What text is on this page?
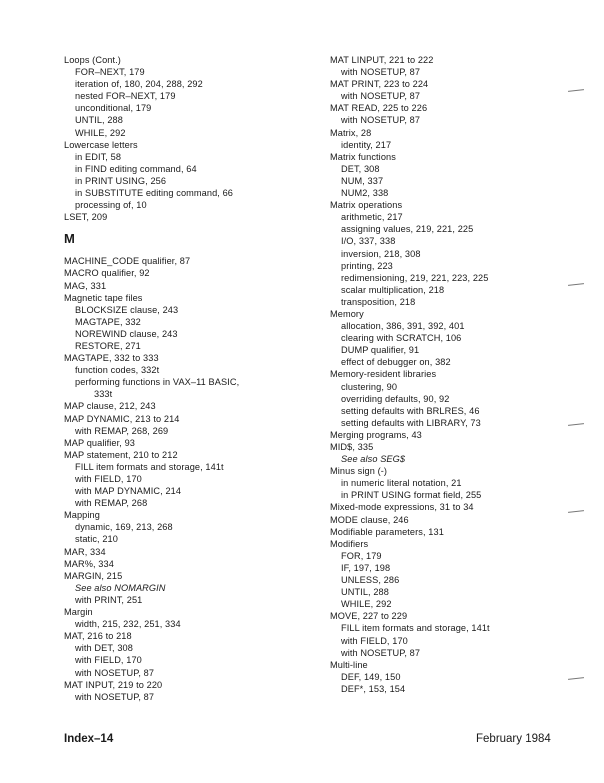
Loops (Cont.)
FOR–NEXT, 179
iteration of, 180, 204, 288, 292
nested FOR–NEXT, 179
unconditional, 179
UNTIL, 288
WHILE, 292
Lowercase letters
in EDIT, 58
in FIND editing command, 64
in PRINT USING, 256
in SUBSTITUTE editing command, 66
processing of, 10
LSET, 209
M
MACHINE_CODE qualifier, 87
MACRO qualifier, 92
MAG, 331
Magnetic tape files
BLOCKSIZE clause, 243
MAGTAPE, 332
NOREWIND clause, 243
RESTORE, 271
MAGTAPE, 332 to 333
function codes, 332t
performing functions in VAX–11 BASIC,
333t
MAP clause, 212, 243
MAP DYNAMIC, 213 to 214
with REMAP, 268, 269
MAP qualifier, 93
MAP statement, 210 to 212
FILL item formats and storage, 141t
with FIELD, 170
with MAP DYNAMIC, 214
with REMAP, 268
Mapping
dynamic, 169, 213, 268
static, 210
MAR, 334
MAR%, 334
MARGIN, 215
See also NOMARGIN
with PRINT, 251
Margin
width, 215, 232, 251, 334
MAT, 216 to 218
with DET, 308
with FIELD, 170
with NOSETUP, 87
MAT INPUT, 219 to 220
with NOSETUP, 87
MAT LINPUT, 221 to 222
with NOSETUP, 87
MAT PRINT, 223 to 224
with NOSETUP, 87
MAT READ, 225 to 226
with NOSETUP, 87
Matrix, 28
identity, 217
Matrix functions
DET, 308
NUM, 337
NUM2, 338
Matrix operations
arithmetic, 217
assigning values, 219, 221, 225
I/O, 337, 338
inversion, 218, 308
printing, 223
redimensioning, 219, 221, 223, 225
scalar multiplication, 218
transposition, 218
Memory
allocation, 386, 391, 392, 401
clearing with SCRATCH, 106
DUMP qualifier, 91
effect of debugger on, 382
Memory-resident libraries
clustering, 90
overriding defaults, 90, 92
setting defaults with BRLRES, 46
setting defaults with LIBRARY, 73
Merging programs, 43
MID$, 335
See also SEG$
Minus sign (-)
in numeric literal notation, 21
in PRINT USING format field, 255
Mixed-mode expressions, 31 to 34
MODE clause, 246
Modifiable parameters, 131
Modifiers
FOR, 179
IF, 197, 198
UNLESS, 286
UNTIL, 288
WHILE, 292
MOVE, 227 to 229
FILL item formats and storage, 141t
with FIELD, 170
with NOSETUP, 87
Multi-line
DEF, 149, 150
DEF*, 153, 154
Index–14	February 1984
